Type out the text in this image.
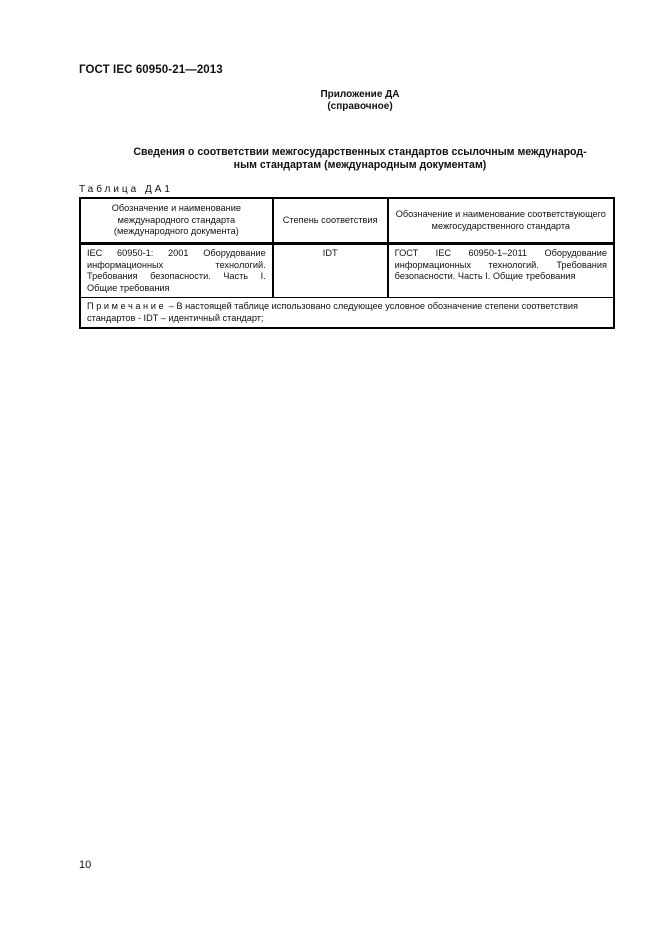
ГОСТ IEC 60950-21—2013
Приложение ДА
(справочное)
Сведения о соответствии межгосударственных стандартов ссылочным международ-
ным стандартам (международным документам)
Таблица ДА1
Обозначение и наименование международного стандарта (международного документа)	Степень соответствия	Обозначение и наименование соответствующего межгосударственного стандарта
IEC 60950-1: 2001 Оборудование информационных технологий. Требования безопасности. Часть I. Общие требования	IDT	ГОСТ IEC 60950-1–2011 Оборудование информационных технологий. Требования безопасности. Часть I. Общие требования
Примечание – В настоящей таблице использовано следующее условное обозначение степени соответствия стандартов - IDT – идентичный стандарт;		
10
